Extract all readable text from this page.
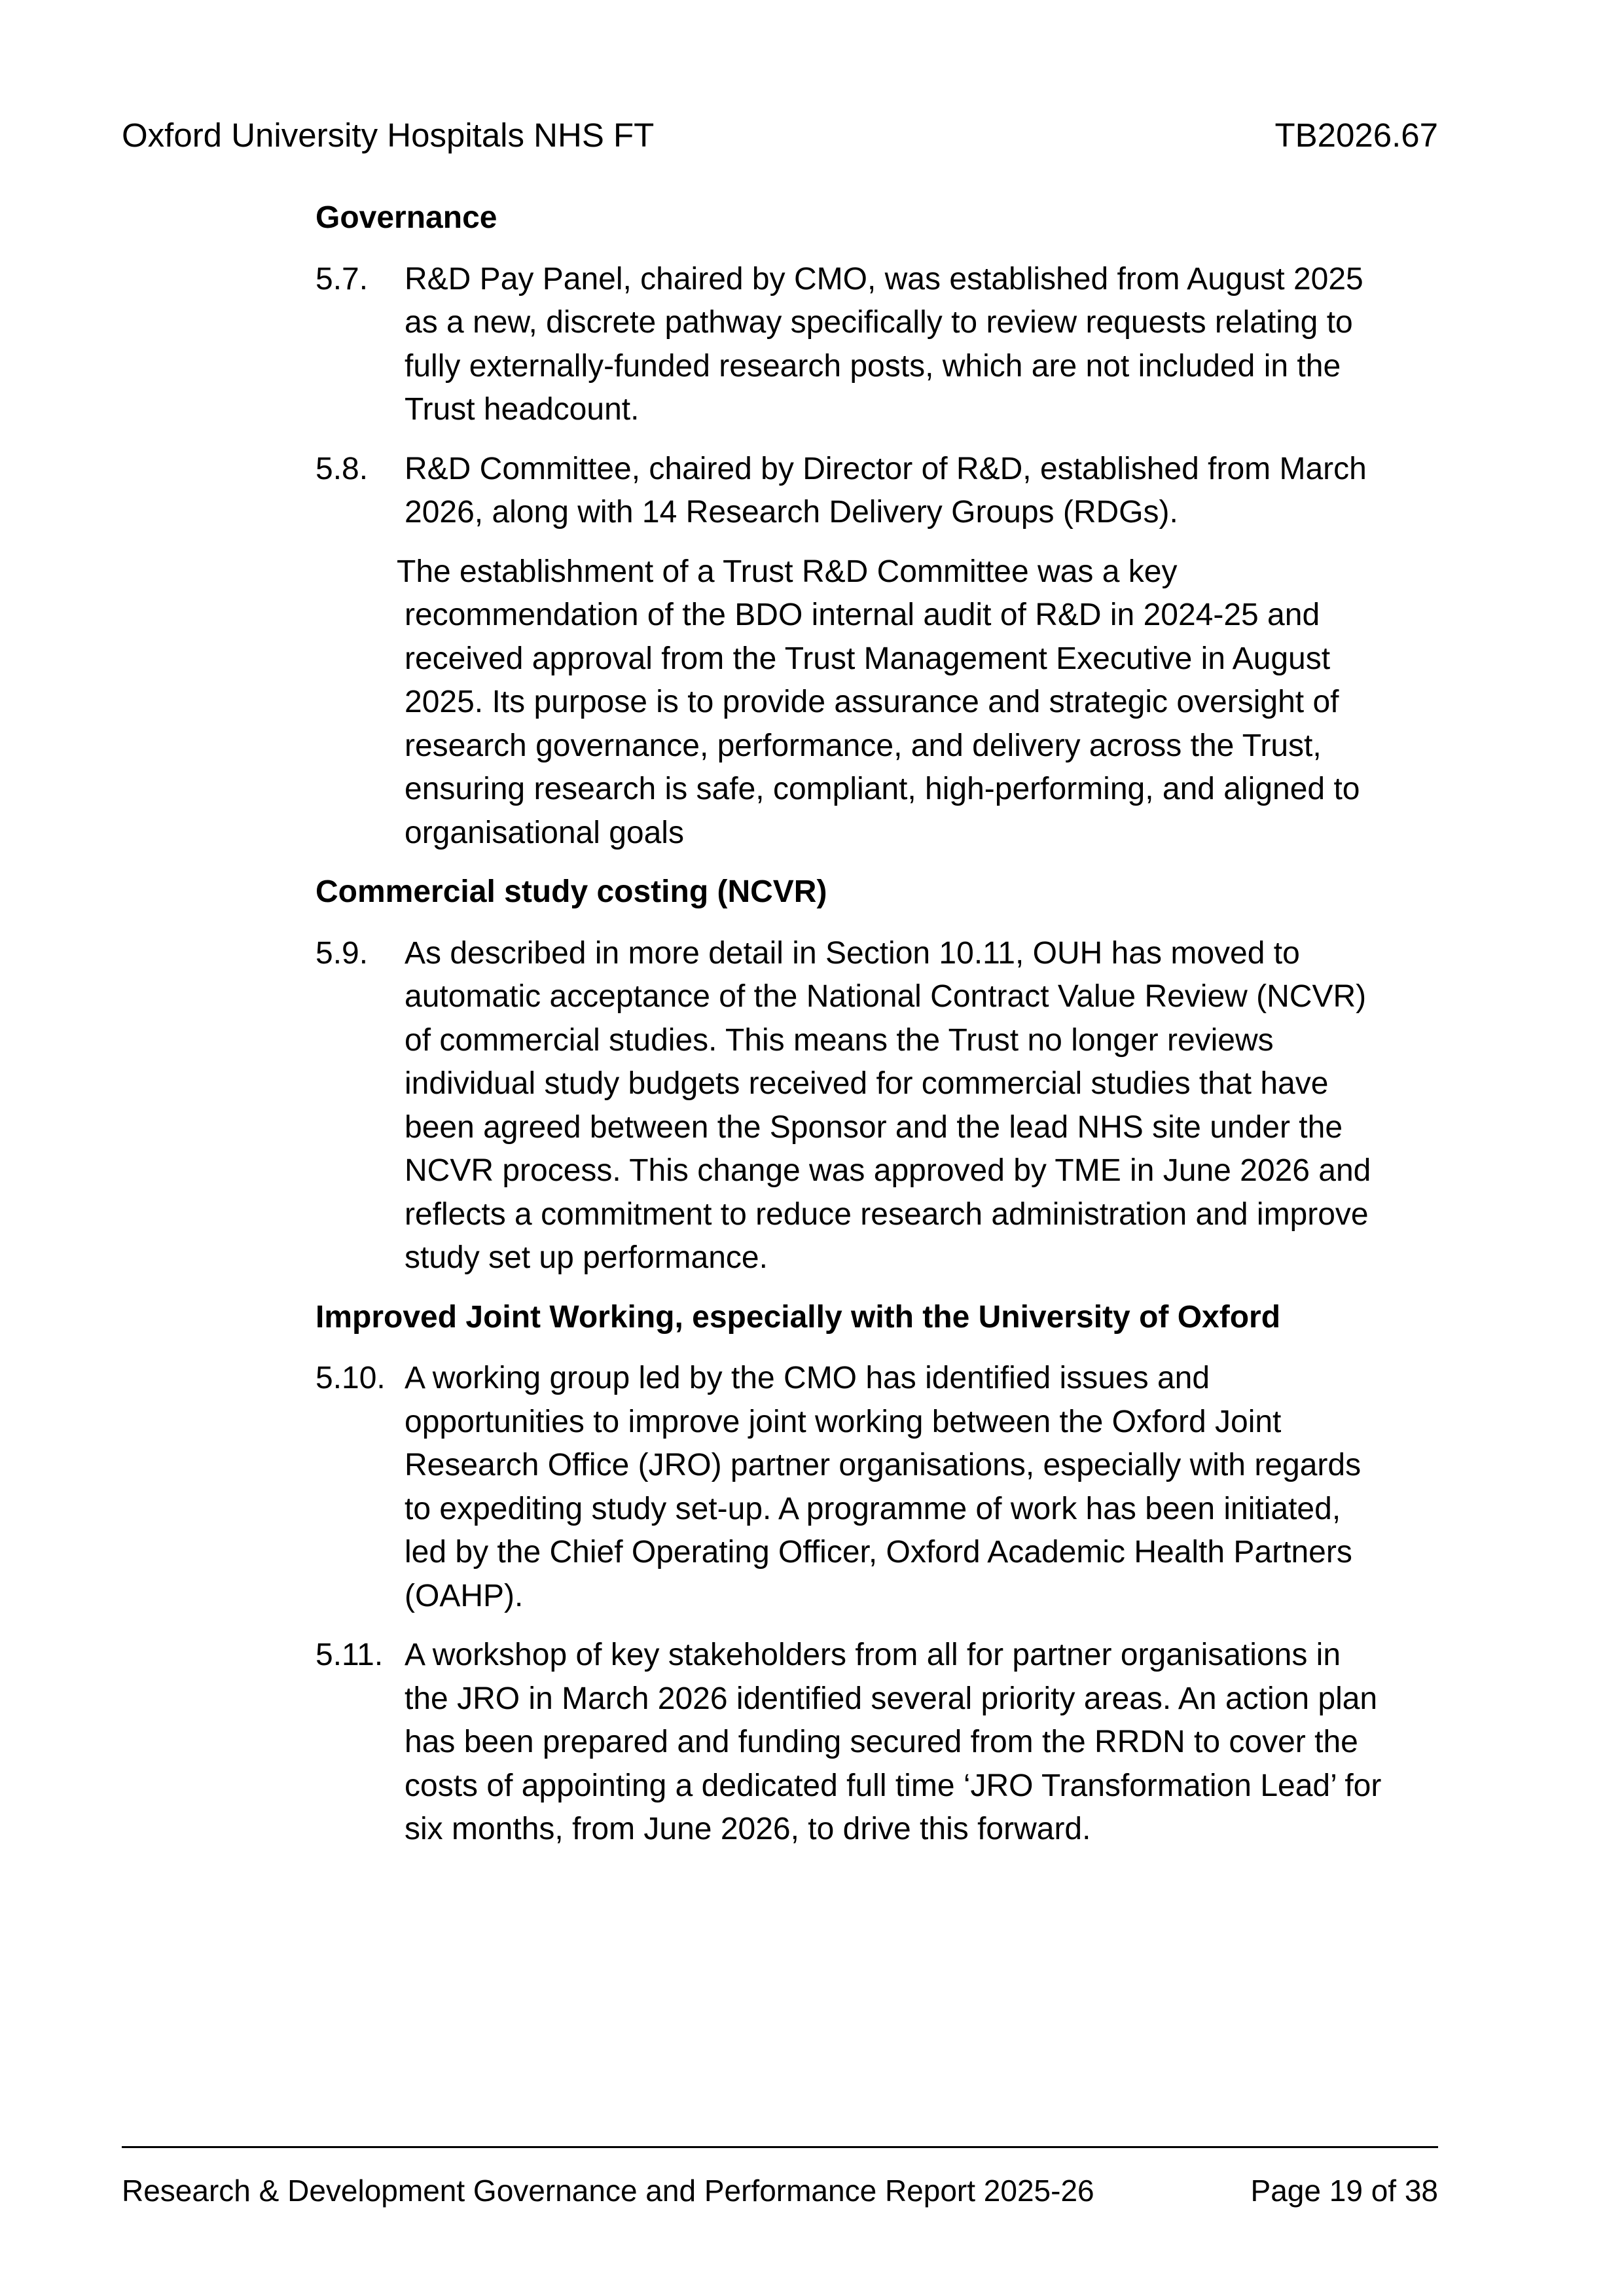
Oxford University Hospitals NHS FT	TB2026.67
Governance
5.7. R&D Pay Panel, chaired by CMO, was established from August 2025
as a new, discrete pathway specifically to review requests relating to
fully externally-funded research posts, which are not included in the
Trust headcount.
5.8. R&D Committee, chaired by Director of R&D, established from March
2026, along with 14 Research Delivery Groups (RDGs).
The establishment of a Trust R&D Committee was a key
recommendation of the BDO internal audit of R&D in 2024-25 and
received approval from the Trust Management Executive in August
2025. Its purpose is to provide assurance and strategic oversight of
research governance, performance, and delivery across the Trust,
ensuring research is safe, compliant, high-performing, and aligned to
organisational goals
Commercial study costing (NCVR)
5.9. As described in more detail in Section 10.11, OUH has moved to
automatic acceptance of the National Contract Value Review (NCVR)
of commercial studies. This means the Trust no longer reviews
individual study budgets received for commercial studies that have
been agreed between the Sponsor and the lead NHS site under the
NCVR process. This change was approved by TME in June 2026 and
reflects a commitment to reduce research administration and improve
study set up performance.
Improved Joint Working, especially with the University of Oxford
5.10. A working group led by the CMO has identified issues and
opportunities to improve joint working between the Oxford Joint
Research Office (JRO) partner organisations, especially with regards
to expediting study set-up. A programme of work has been initiated,
led by the Chief Operating Officer, Oxford Academic Health Partners
(OAHP).
5.11. A workshop of key stakeholders from all for partner organisations in
the JRO in March 2026 identified several priority areas. An action plan
has been prepared and funding secured from the RRDN to cover the
costs of appointing a dedicated full time ‘JRO Transformation Lead’ for
six months, from June 2026, to drive this forward.
Research & Development Governance and Performance Report 2025-26	Page 19 of 38
